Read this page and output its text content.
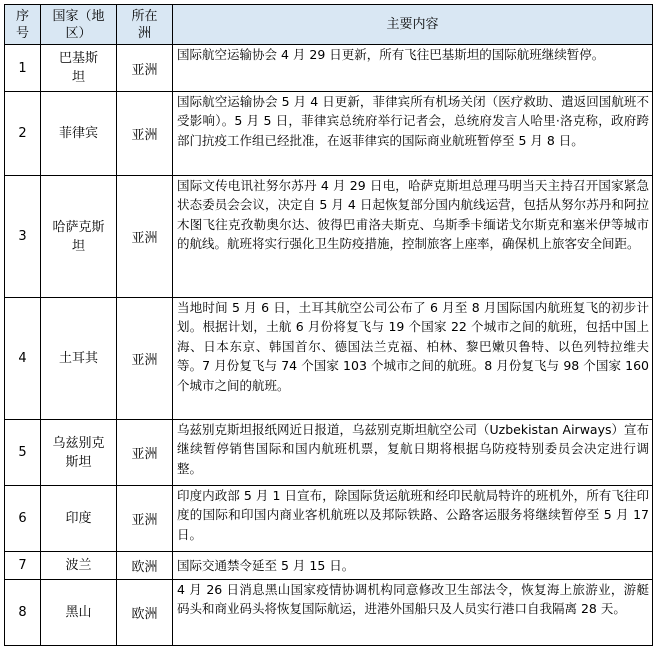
序号	国家（地区）	所在洲	主要内容
1	巴基斯坦	亚洲	国际航空运输协会 4 月 29 日更新，所有飞往巴基斯坦的国际航班继续暂停。

2	菲律宾	亚洲	国际航空运输协会 5 月 4 日更新，菲律宾所有机场关闭（医疗救助、遣返回国航班不受影响）。5 月 5 日，菲律宾总统府举行记者会，总统府发言人哈里·洛克称，政府跨部门抗疫工作组已经批准，在返菲律宾的国际商业航班暂停至 5 月 8 日。

3	哈萨克斯坦	亚洲	国际文传电讯社努尔苏丹 4 月 29 日电，哈萨克斯坦总理马明当天主持召开国家紧急状态委员会会议，决定自 5 月 4 日起恢复部分国内航线运营，包括从努尔苏丹和阿拉木图飞往克孜勒奥尔达、彼得巴甫洛夫斯克、乌斯季卡缅诺戈尔斯克和塞米伊等城市的航线。航班将实行强化卫生防疫措施，控制旅客上座率，确保机上旅客安全间距。

4	土耳其	亚洲	当地时间 5 月 6 日，土耳其航空公司公布了 6 月至 8 月国际国内航班复飞的初步计划。根据计划，土航 6 月份将复飞与 19 个国家 22 个城市之间的航班，包括中国上海、日本东京、韩国首尔、德国法兰克福、柏林、黎巴嫩贝鲁特、以色列特拉维夫等。7 月份复飞与 74 个国家 103 个城市之间的航班。8 月份复飞与 98 个国家 160 个城市之间的航班。

5	乌兹别克斯坦	亚洲	乌兹别克斯坦报纸网近日报道，乌兹别克斯坦航空公司（Uzbekistan Airways）宣布继续暂停销售国际和国内航班机票，复航日期将根据乌防疫特别委员会决定进行调整。

6	印度	亚洲	印度内政部 5 月 1 日宣布，除国际货运航班和经印民航局特许的班机外，所有飞往印度的国际和印国内商业客机航班以及邦际铁路、公路客运服务将继续暂停至 5 月 17 日。

7	波兰	欧洲	国际交通禁令延至 5 月 15 日。

8	黑山	欧洲	4 月 26 日消息黑山国家疫情协调机构同意修改卫生部法令，恢复海上旅游业，游艇码头和商业码头将恢复国际航运，进港外国船只及人员实行港口自我隔离 28 天。
